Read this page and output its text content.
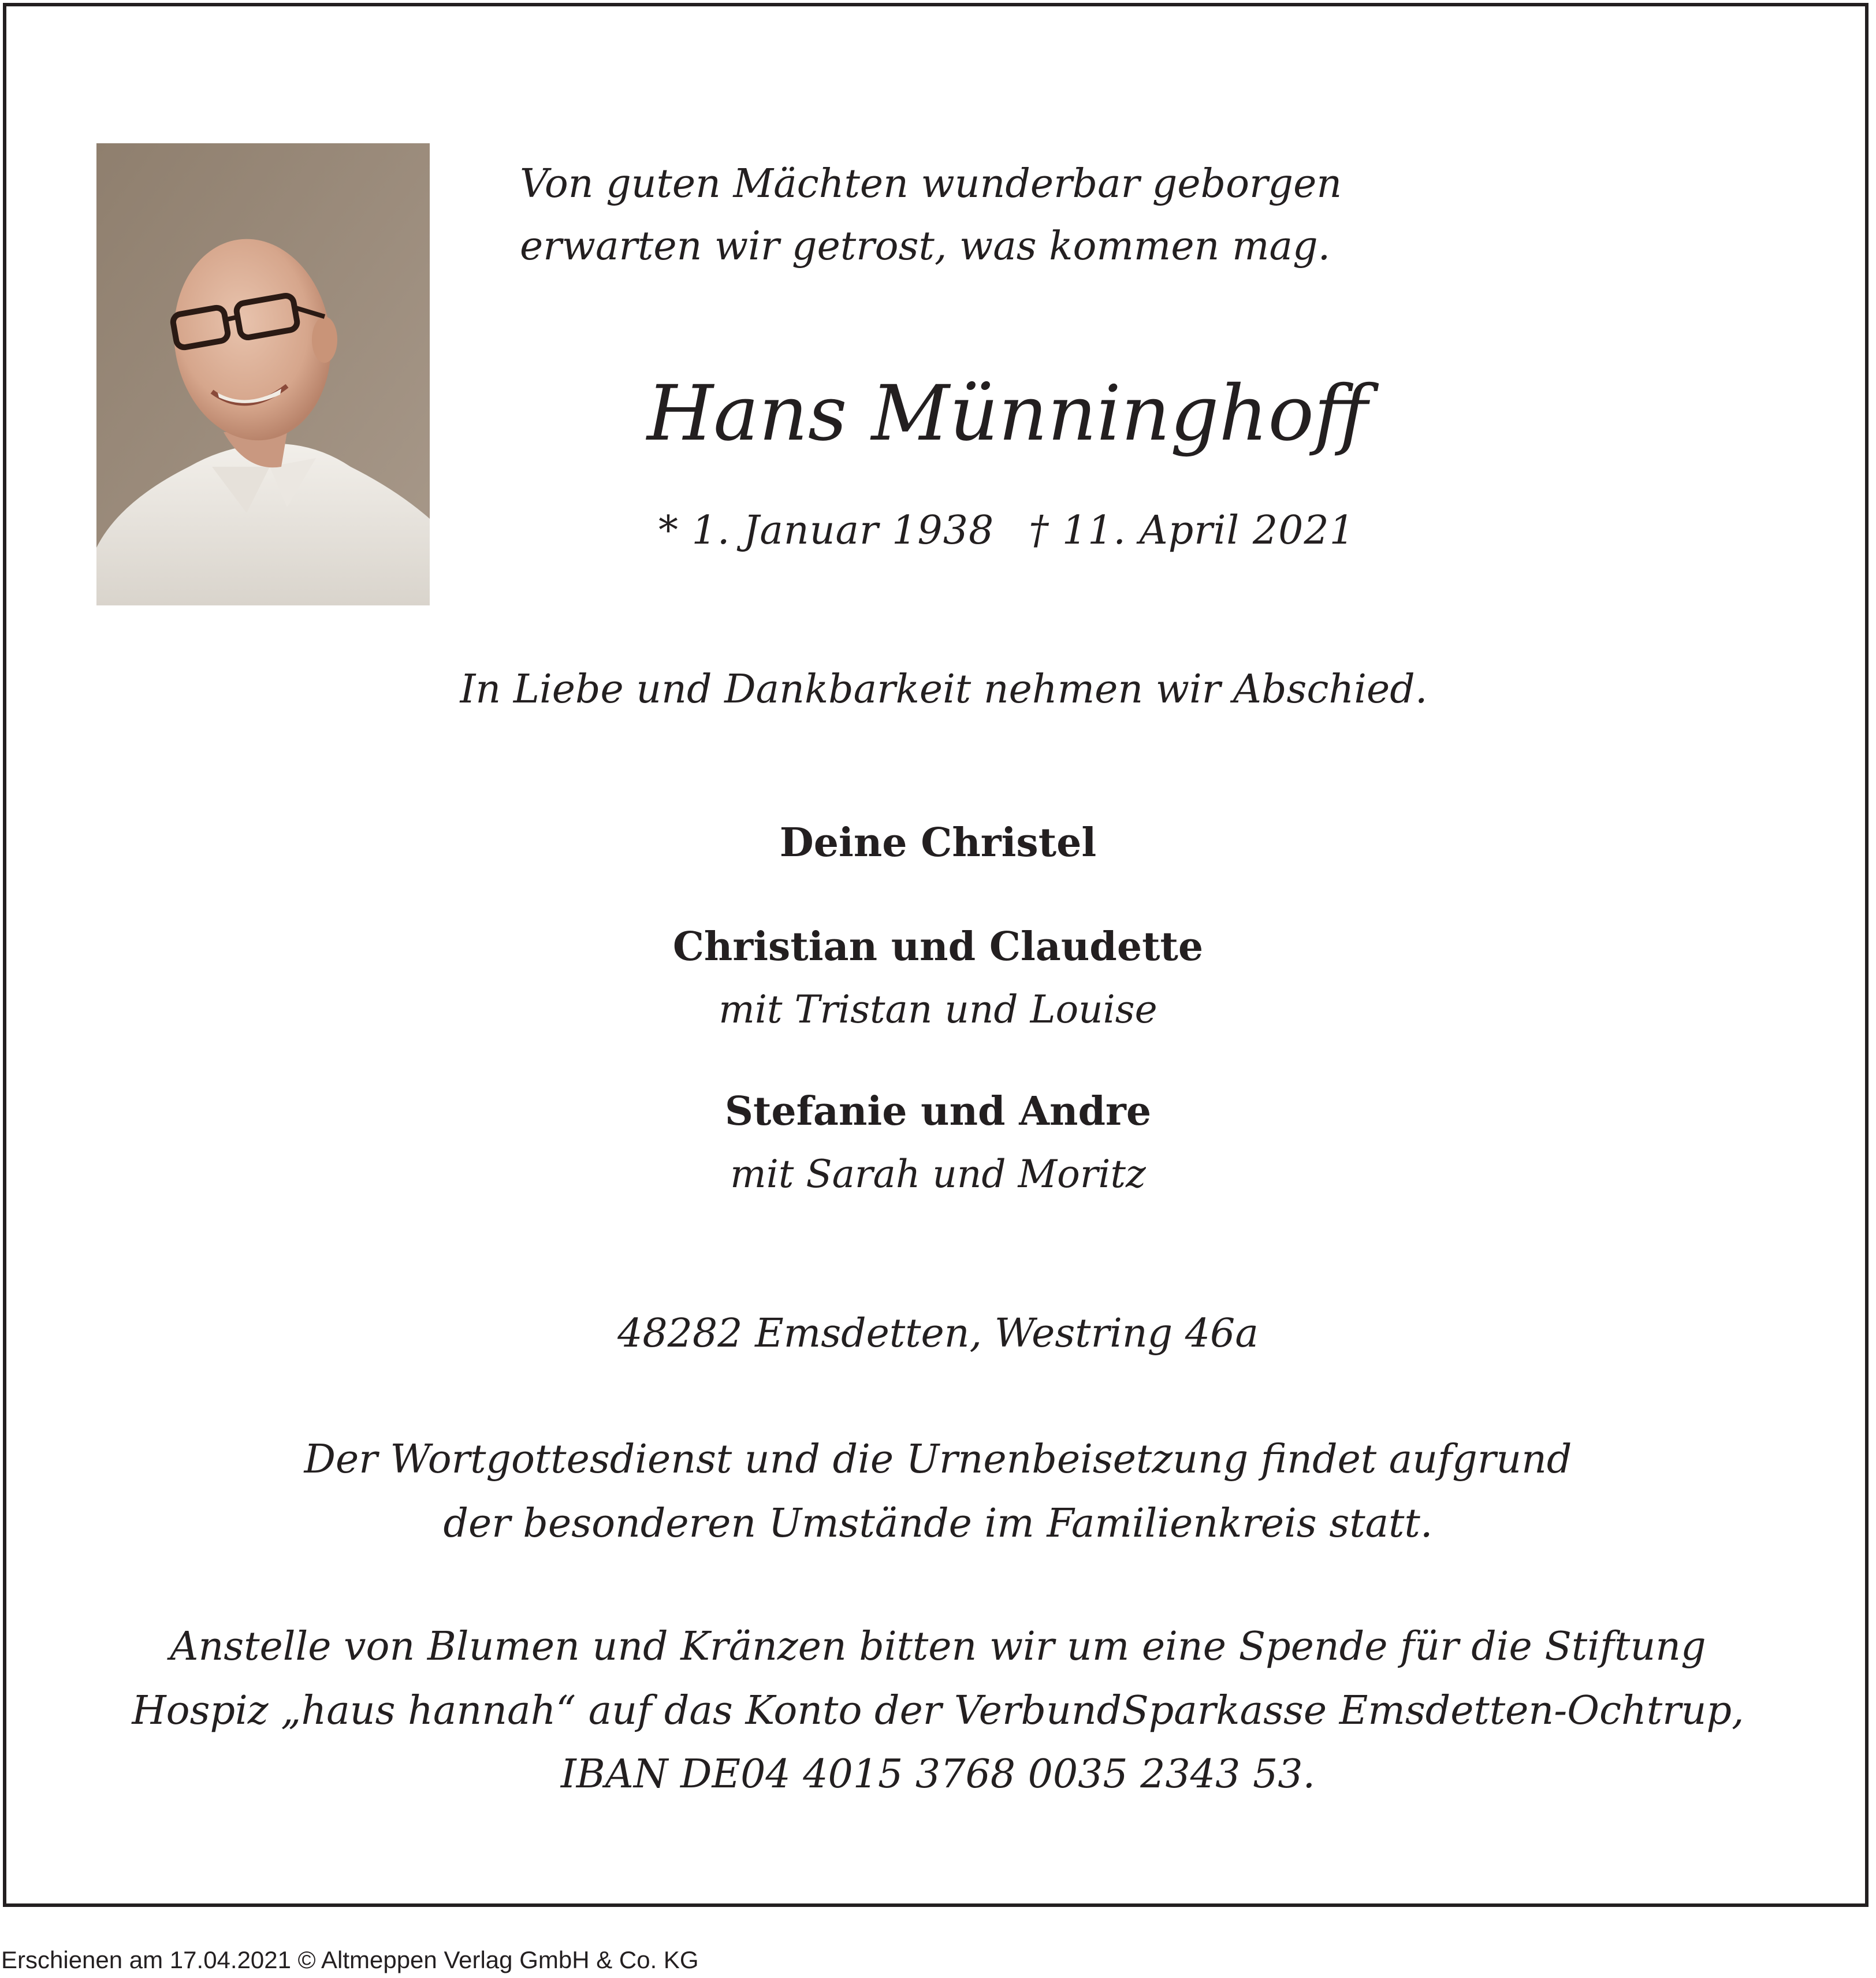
Von guten Mächten wunderbar geborgen
erwarten wir getrost, was kommen mag.
Hans Münninghoff
* 1. Januar 1938 † 11. April 2021
In Liebe und Dankbarkeit nehmen wir Abschied.
Deine Christel
Christian und Claudette
mit Tristan und Louise
Stefanie und Andre
mit Sarah und Moritz
48282 Emsdetten, Westring 46a
Der Wortgottesdienst und die Urnenbeisetzung findet aufgrund
der besonderen Umstände im Familienkreis statt.
Anstelle von Blumen und Kränzen bitten wir um eine Spende für die Stiftung
Hospiz „haus hannah“ auf das Konto der VerbundSparkasse Emsdetten-Ochtrup,
IBAN DE04 4015 3768 0035 2343 53.
Erschienen am 17.04.2021 © Altmeppen Verlag GmbH & Co. KG
